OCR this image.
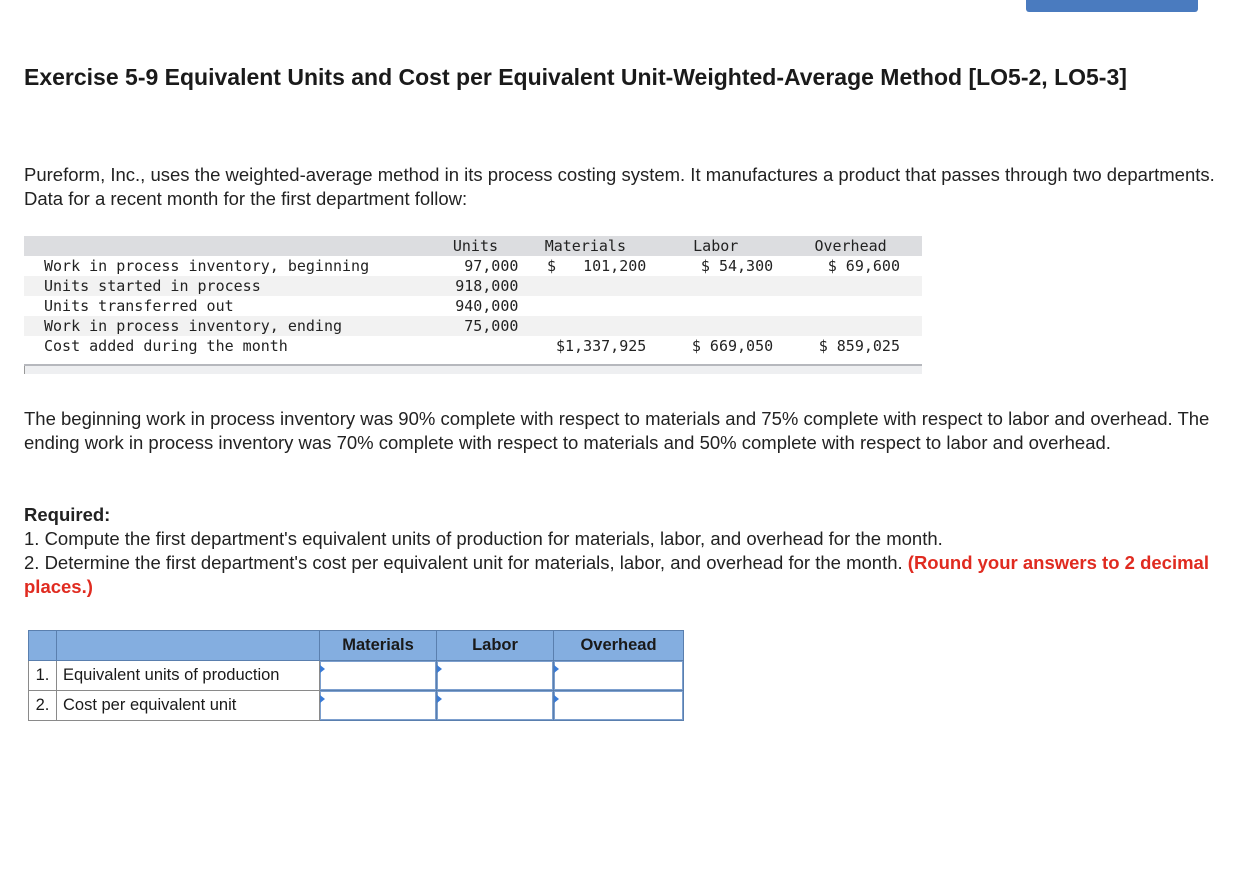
Exercise 5-9 Equivalent Units and Cost per Equivalent Unit-Weighted-Average Method [LO5-2, LO5-3]

Pureform, Inc., uses the weighted-average method in its process costing system. It manufactures a product that passes through two departments. Data for a recent month for the first department follow:

	Units	Materials	Labor	Overhead
Work in process inventory, beginning	97,000	$   101,200	$ 54,300	$ 69,600
Units started in process	918,000			
Units transferred out	940,000			
Work in process inventory, ending	75,000			
Cost added during the month		$1,337,925	$ 669,050	$ 859,025

The beginning work in process inventory was 90% complete with respect to materials and 75% complete with respect to labor and overhead. The ending work in process inventory was 70% complete with respect to materials and 50% complete with respect to labor and overhead.

Required:
1. Compute the first department's equivalent units of production for materials, labor, and overhead for the month.
2. Determine the first department's cost per equivalent unit for materials, labor, and overhead for the month. (Round your answers to 2 decimal places.)
		Materials	Labor	Overhead
1.	Equivalent units of production	

2.	Cost per equivalent unit	
